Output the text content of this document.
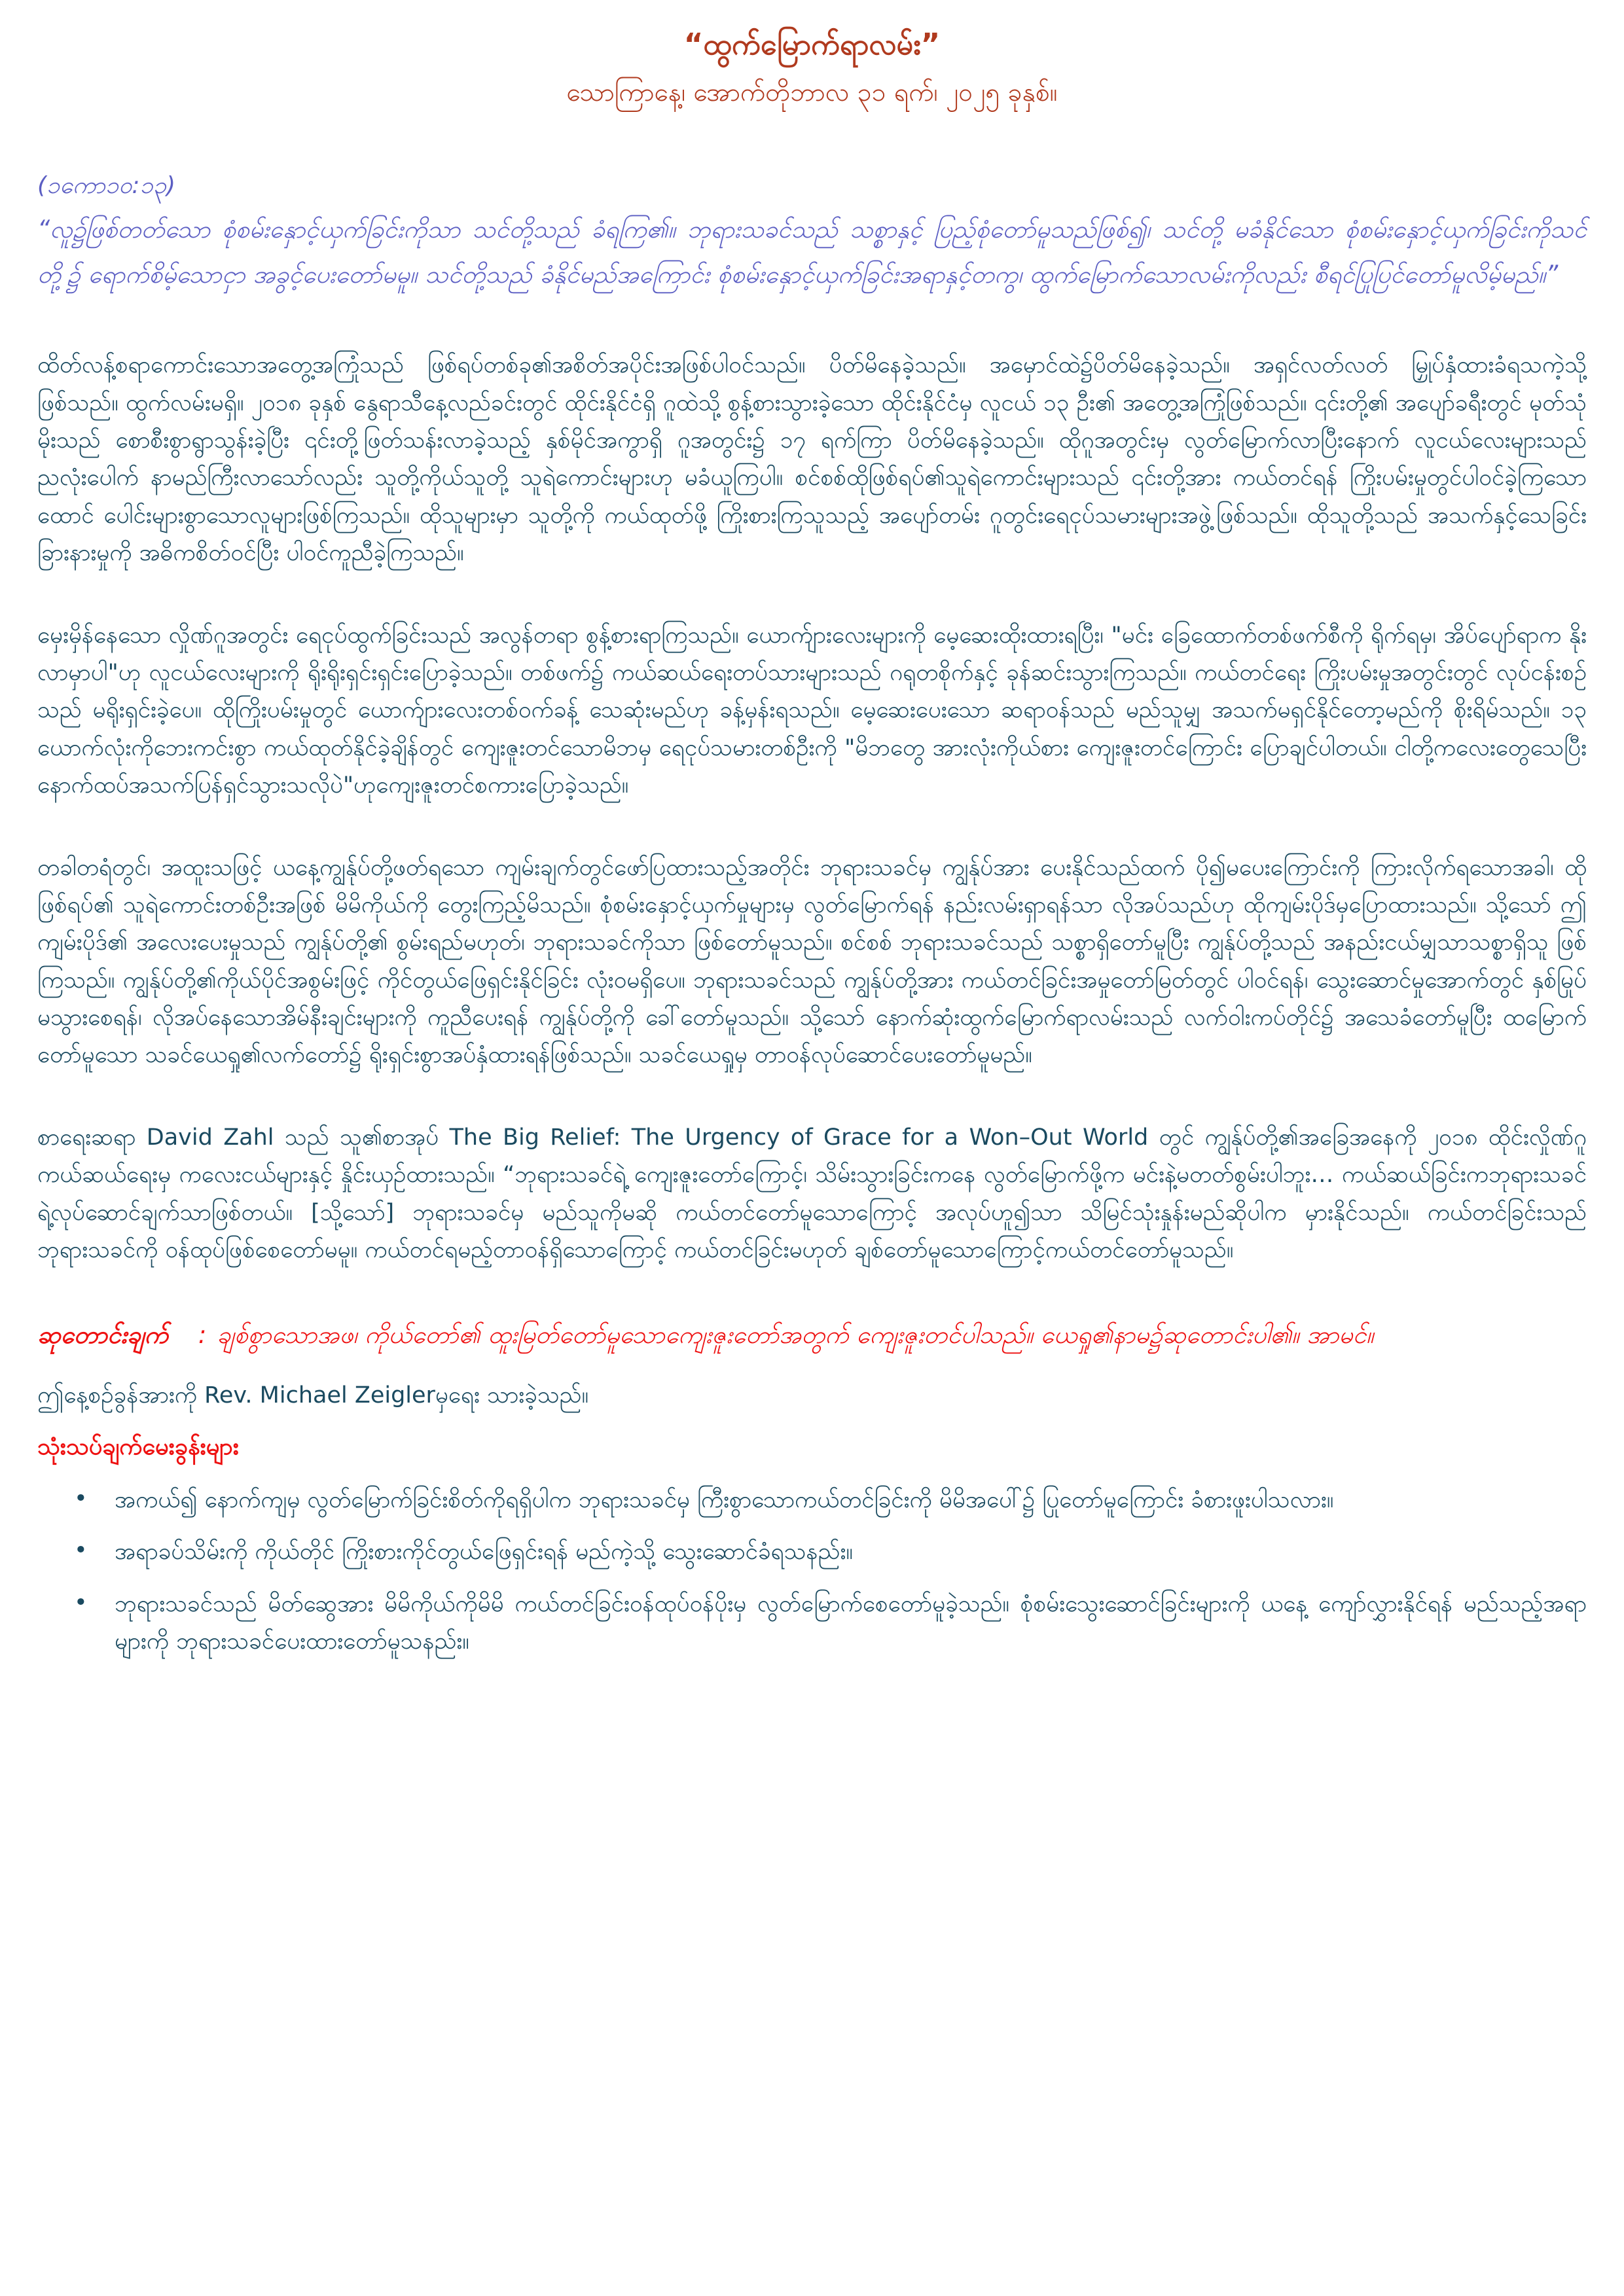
“ထွက်မြောက်ရာလမ်း”
သောကြာနေ့၊ အောက်တိုဘာလ ၃၁ ရက်၊ ၂၀၂၅ ခုနှစ်။
(၁ကော၁၀:၁၃)

“လူ၌ဖြစ်တတ်သော စုံစမ်းနှောင့်ယှက်ခြင်းကိုသာ သင်တို့သည် ခံရကြ၏။ ဘုရားသခင်သည် သစ္စာနှင့် ပြည့်စုံတော်မူသည်ဖြစ်၍၊ သင်တို့ မခံနိုင်သော စုံစမ်းနှောင့်ယှက်ခြင်းကိုသင်တို့၌ ရောက်စိမ့်သောငှာ အခွင့်ပေးတော်မမူ။ သင်တို့သည် ခံနိုင်မည်အကြောင်း စုံစမ်းနှောင့်ယှက်ခြင်းအရာနှင့်တကွ၊ ထွက်မြောက်သောလမ်းကိုလည်း စီရင်ပြုပြင်တော်မူလိမ့်မည်။”

ထိတ်လန့်စရာကောင်းသောအတွေ့အကြုံသည် ဖြစ်ရပ်တစ်ခု၏အစိတ်အပိုင်းအဖြစ်ပါဝင်သည်။ ပိတ်မိနေခဲ့သည်။ အမှောင်ထဲ၌ပိတ်မိနေခဲ့သည်။ အရှင်လတ်လတ် မြှုပ်နှံထားခံရသကဲ့သို့ဖြစ်သည်။ ထွက်လမ်းမရှိ။ ၂၀၁၈ ခုနှစ် နွေရာသီနေ့လည်ခင်းတွင် ထိုင်းနိုင်ငံရှိ ဂူထဲသို့ စွန့်စားသွားခဲ့သော ထိုင်းနိုင်ငံမှ လူငယ် ၁၃ ဦး၏ အတွေ့အကြုံဖြစ်သည်။ ၎င်းတို့၏ အပျော်ခရီးတွင် မုတ်သုံမိုးသည် စောစီးစွာရွာသွန်းခဲ့ပြီး ၎င်းတို့ဖြတ်သန်းလာခဲ့သည့် နှစ်မိုင်အကွာရှိ ဂူအတွင်း၌ ၁၇ ရက်ကြာ ပိတ်မိနေခဲ့သည်။ ထိုဂူအတွင်းမှ လွတ်မြောက်လာပြီးနောက် လူငယ်လေးများသည် ညလုံးပေါက် နာမည်ကြီးလာသော်လည်း သူတို့ကိုယ်သူတို့ သူရဲကောင်းများဟု မခံယူကြပါ။ စင်စစ်ထိုဖြစ်ရပ်၏သူရဲကောင်းများသည် ၎င်းတို့အား ကယ်တင်ရန် ကြိုးပမ်းမှုတွင်ပါဝင်ခဲ့ကြသောထောင် ပေါင်းများစွာသောလူများဖြစ်ကြသည်။ ထိုသူများမှာ သူတို့ကို ကယ်ထုတ်ဖို့ ကြိုးစားကြသူသည့် အပျော်တမ်း ဂူတွင်းရေငုပ်သမားများအဖွဲ့ဖြစ်သည်။ ထိုသူတို့သည် အသက်နှင့်သေခြင်းခြားနားမှုကို အဓိကစိတ်ဝင်ပြီး ပါဝင်ကူညီခဲ့ကြသည်။

မှေးမှိန်နေသော လှိုဏ်ဂူအတွင်း ရေငုပ်ထွက်ခြင်းသည် အလွန်တရာ စွန့်စားရာကြသည်။ ယောက်ျားလေးများကို မေ့ဆေးထိုးထားရပြီး၊ "မင်း ခြေထောက်တစ်ဖက်စီကို ရိုက်ရမှ၊ အိပ်ပျော်ရာက နိုးလာမှာပါ"ဟု လူငယ်လေးများကို ရိုးရိုးရှင်းရှင်းပြောခဲ့သည်။ တစ်ဖက်၌ ကယ်ဆယ်ရေးတပ်သားများသည် ဂရုတစိုက်နှင့် ခုန်ဆင်းသွားကြသည်။ ကယ်တင်ရေး ကြိုးပမ်းမှုအတွင်းတွင် လုပ်ငန်းစဉ်သည် မရိုးရှင်းခဲ့ပေ။ ထိုကြိုးပမ်းမှုတွင် ယောက်ျားလေးတစ်ဝက်ခန့် သေဆုံးမည်ဟု ခန့်မှန်းရသည်။ မေ့ဆေးပေးသော ဆရာဝန်သည် မည်သူမျှ အသက်မရှင်နိုင်တော့မည်ကို စိုးရိမ်သည်။ ၁၃ ယောက်လုံးကိုဘေးကင်းစွာ ကယ်ထုတ်နိုင်ခဲ့ချိန်တွင် ကျေးဇူးတင်သောမိဘမှ ရေငုပ်သမားတစ်ဦးကို "မိဘတွေ အားလုံးကိုယ်စား ကျေးဇူးတင်ကြောင်း ပြောချင်ပါတယ်။ ငါတို့ကလေးတွေသေပြီး နောက်ထပ်အသက်ပြန်ရှင်သွားသလိုပဲ"ဟုကျေးဇူးတင်စကားပြောခဲ့သည်။

တခါတရံတွင်၊ အထူးသဖြင့် ယနေ့ကျွန်ုပ်တို့ဖတ်ရသော ကျမ်းချက်တွင်ဖော်ပြထားသည့်အတိုင်း ဘုရားသခင်မှ ကျွန်ုပ်အား ပေးနိုင်သည်ထက် ပို၍မပေးကြောင်းကို ကြားလိုက်ရသောအခါ၊ ထိုဖြစ်ရပ်၏ သူရဲကောင်းတစ်ဦးအဖြစ် မိမိကိုယ်ကို တွေးကြည့်မိသည်။ စုံစမ်းနှောင့်ယှက်မှုများမှ လွတ်မြောက်ရန် နည်းလမ်းရှာရန်သာ လိုအပ်သည်ဟု ထိုကျမ်းပိုဒ်မှပြောထားသည်။ သို့သော် ဤကျမ်းပိုဒ်၏ အလေးပေးမှုသည် ကျွန်ုပ်တို့၏ စွမ်းရည်မဟုတ်၊ ဘုရားသခင်ကိုသာ ဖြစ်တော်မူသည်။ စင်စစ် ဘုရားသခင်သည် သစ္စာရှိတော်မူပြီး ကျွန်ုပ်တို့သည် အနည်းငယ်မျှသာသစ္စာရှိသူ ဖြစ်ကြသည်။ ကျွန်ုပ်တို့၏ကိုယ်ပိုင်အစွမ်းဖြင့် ကိုင်တွယ်ဖြေရှင်းနိုင်ခြင်း လုံးဝမရှိပေ။ ဘုရားသခင်သည် ကျွန်ုပ်တို့အား ကယ်တင်ခြင်းအမှုတော်မြတ်တွင် ပါဝင်ရန်၊ သွေးဆောင်မှုအောက်တွင် နှစ်မြုပ်မသွားစေရန်၊ လိုအပ်နေသောအိမ်နီးချင်းများကို ကူညီပေးရန် ကျွန်ုပ်တို့ကို ခေါ်တော်မူသည်။ သို့သော် နောက်ဆုံးထွက်မြောက်ရာလမ်းသည် လက်ဝါးကပ်တိုင်၌ အသေခံတော်မူပြီး ထမြောက်တော်မူသော သခင်ယေရှု၏လက်တော်၌ ရိုးရှင်းစွာအပ်နှံထားရန်ဖြစ်သည်။ သခင်ယေရှုမှ တာဝန်လုပ်ဆောင်ပေးတော်မူမည်။

စာရေးဆရာ David Zahl သည် သူ၏စာအုပ် The Big Relief: The Urgency of Grace for a Won–Out World တွင် ကျွန်ုပ်တို့၏အခြေအနေကို ၂၀၁၈ ထိုင်းလှိုဏ်ဂူကယ်ဆယ်ရေးမှ ကလေးငယ်များနှင့် နှိုင်းယှဉ်ထားသည်။ “ဘုရားသခင်ရဲ့ ကျေးဇူးတော်ကြောင့်၊ သိမ်းသွားခြင်းကနေ လွတ်မြောက်ဖို့က မင်းနဲ့မတတ်စွမ်းပါဘူး… ကယ်ဆယ်ခြင်းကဘုရားသခင်ရဲ့လုပ်ဆောင်ချက်သာဖြစ်တယ်။ [သို့သော်] ဘုရားသခင်မှ မည်သူကိုမဆို ကယ်တင်တော်မူသောကြောင့် အလုပ်ဟူ၍သာ သိမြင်သုံးနှုန်းမည်ဆိုပါက မှားနိုင်သည်။ ကယ်တင်ခြင်းသည် ဘုရားသခင်ကို ဝန်ထုပ်ဖြစ်စေတော်မမူ။ ကယ်တင်ရမည့်တာဝန်ရှိသောကြောင့် ကယ်တင်ခြင်းမဟုတ် ချစ်တော်မူသောကြောင့်ကယ်တင်တော်မူသည်။

ဆုတောင်းချက် : ချစ်စွာသောအဖ၊ ကိုယ်တော်၏ ထူးမြတ်တော်မူသောကျေးဇူးတော်အတွက် ကျေးဇူးတင်ပါသည်။ ယေရှု၏နာမ၌ဆုတောင်းပါ၏။ အာမင်။

ဤနေ့စဉ်ခွန်အားကို Rev. Michael Zeiglerမှရေး သားခဲ့သည်။

သုံးသပ်ချက်မေးခွန်းများ
• အကယ်၍ နောက်ကျမှ လွတ်မြောက်ခြင်းစိတ်ကိုရရှိပါက ဘုရားသခင်မှ ကြီးစွာသောကယ်တင်ခြင်းကို မိမိအပေါ်၌ ပြုတော်မူကြောင်း ခံစားဖူးပါသလား။
• အရာခပ်သိမ်းကို ကိုယ်တိုင် ကြိုးစားကိုင်တွယ်ဖြေရှင်းရန် မည်ကဲ့သို့ သွေးဆောင်ခံရသနည်း။
• ဘုရားသခင်သည် မိတ်ဆွေအား မိမိကိုယ်ကိုမိမိ ကယ်တင်ခြင်းဝန်ထုပ်ဝန်ပိုးမှ လွတ်မြောက်စေတော်မူခဲ့သည်။ စုံစမ်းသွေးဆောင်ခြင်းများကို ယနေ့ ကျော်လွှားနိုင်ရန် မည်သည့်အရာများကို ဘုရားသခင်ပေးထားတော်မူသနည်း။
